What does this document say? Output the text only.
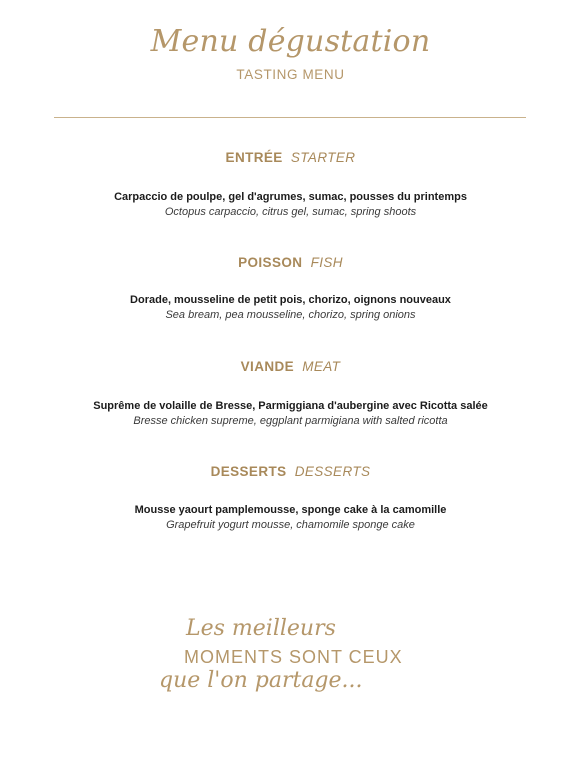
Menu dégustation
TASTING MENU
ENTRÉE STARTER
Carpaccio de poulpe, gel d'agrumes, sumac, pousses du printemps
Octopus carpaccio, citrus gel, sumac, spring shoots
POISSON FISH
Dorade, mousseline de petit pois, chorizo, oignons nouveaux
Sea bream, pea mousseline, chorizo, spring onions
VIANDE MEAT
Suprême de volaille de Bresse, Parmiggiana d'aubergine avec Ricotta salée
Bresse chicken supreme, eggplant parmigiana with salted ricotta
DESSERTS DESSERTS
Mousse yaourt pamplemousse, sponge cake à la camomille
Grapefruit yogurt mousse, chamomile sponge cake
Les meilleurs
MOMENTS SONT CEUX
que l'on partage...
